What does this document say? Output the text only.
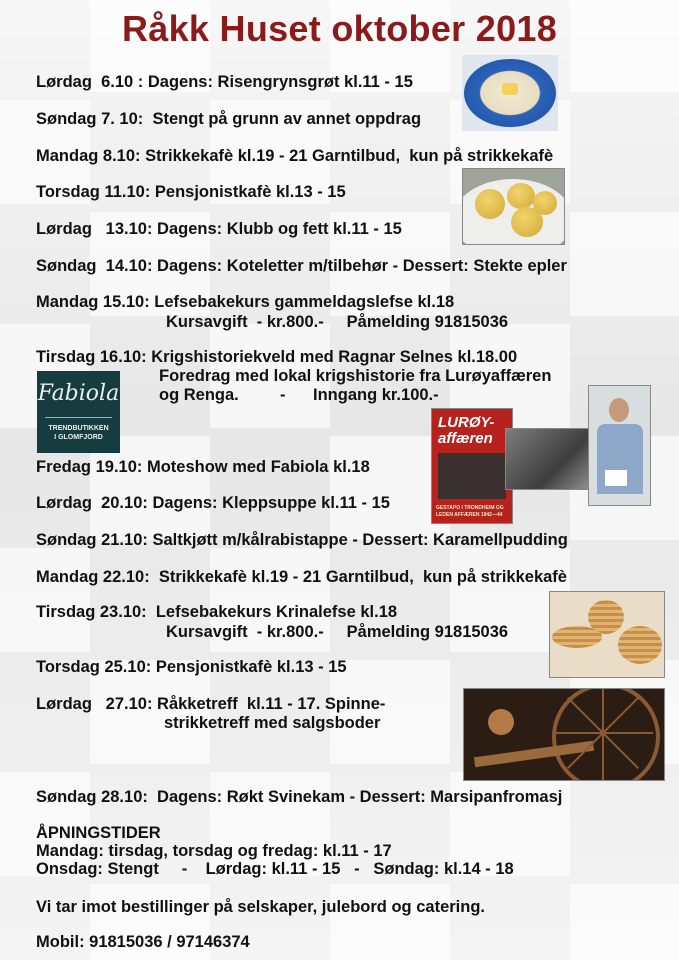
Råkk Huset oktober 2018
Lørdag  6.10 : Dagens: Risengrynsgrøt kl.11 - 15
Søndag 7. 10:  Stengt på grunn av annet oppdrag
Mandag 8.10: Strikkekafè kl.19 - 21 Garntilbud,  kun på strikkekafè
Torsdag 11.10: Pensjonistkafè kl.13 - 15
Lørdag   13.10: Dagens: Klubb og fett kl.11 - 15
Søndag  14.10: Dagens: Koteletter m/tilbehør - Dessert: Stekte epler
Mandag 15.10: Lefsebakekurs gammeldagslefse kl.18
Kursavgift  - kr.800.-     Påmelding 91815036
Tirsdag 16.10: Krigshistoriekveld med Ragnar Selnes kl.18.00
Foredrag med lokal krigshistorie fra Lurøyaffæren
og Renga.         -      Inngang kr.100.-
Fredag 19.10: Moteshow med Fabiola kl.18
Lørdag  20.10: Dagens: Kleppsuppe kl.11 - 15
Søndag 21.10: Saltkjøtt m/kålrabistappe - Dessert: Karamellpudding
Mandag 22.10:  Strikkekafè kl.19 - 21 Garntilbud,  kun på strikkekafè
Tirsdag 23.10:  Lefsebakekurs Krinalefse kl.18
Kursavgift  - kr.800.-     Påmelding 91815036
Torsdag 25.10: Pensjonistkafè kl.13 - 15
Lørdag   27.10: Råkketreff  kl.11 - 17. Spinne-
strikketreff med salgsboder
Søndag 28.10:  Dagens: Røkt Svinekam - Dessert: Marsipanfromasj
ÅPNINGSTIDER
Mandag: tirsdag, torsdag og fredag: kl.11 - 17
Onsdag: Stengt     -    Lørdag: kl.11 - 15   -   Søndag: kl.14 - 18
Vi tar imot bestillinger på selskaper, julebord og catering.
Mobil: 91815036 / 97146374
Fabiola
TRENDBUTIKKEN
I GLOMFJORD
LURØY-
affæren
GESTAPO I TRONDHEIM OG LEDEN AFFÆREN 1942—44
